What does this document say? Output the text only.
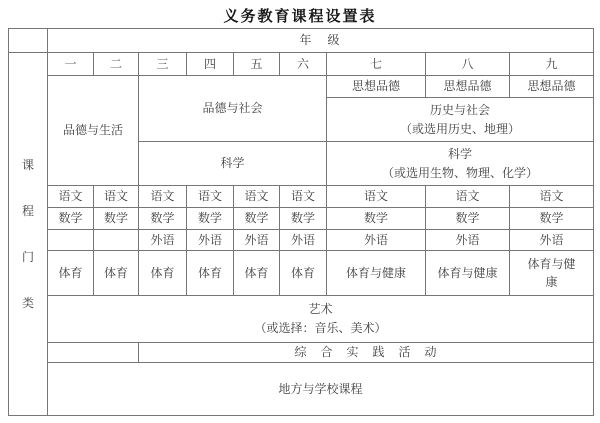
义务教育课程设置表
	年　级								

课
程
门
类	一	二	三	四	五	六	七	八	九
	品德与生活		品德与社会				思想品德	思想品德	思想品德

							历史与社会
（或选用历史、地理）		

			科学				科学
（或选用生物、物理、化学）		

	语文	语文	语文	语文	语文	语文	语文	语文	语文
	数学	数学	数学	数学	数学	数学	数学	数学	数学
			外语	外语	外语	外语	外语	外语	外语
	体育	体育	体育	体育	体育	体育	体育与健康	体育与健康	体育与健康

	艺术
（或选择：音乐、美术）								

			综　合　实　践　活　动						
	地方与学校课程								
